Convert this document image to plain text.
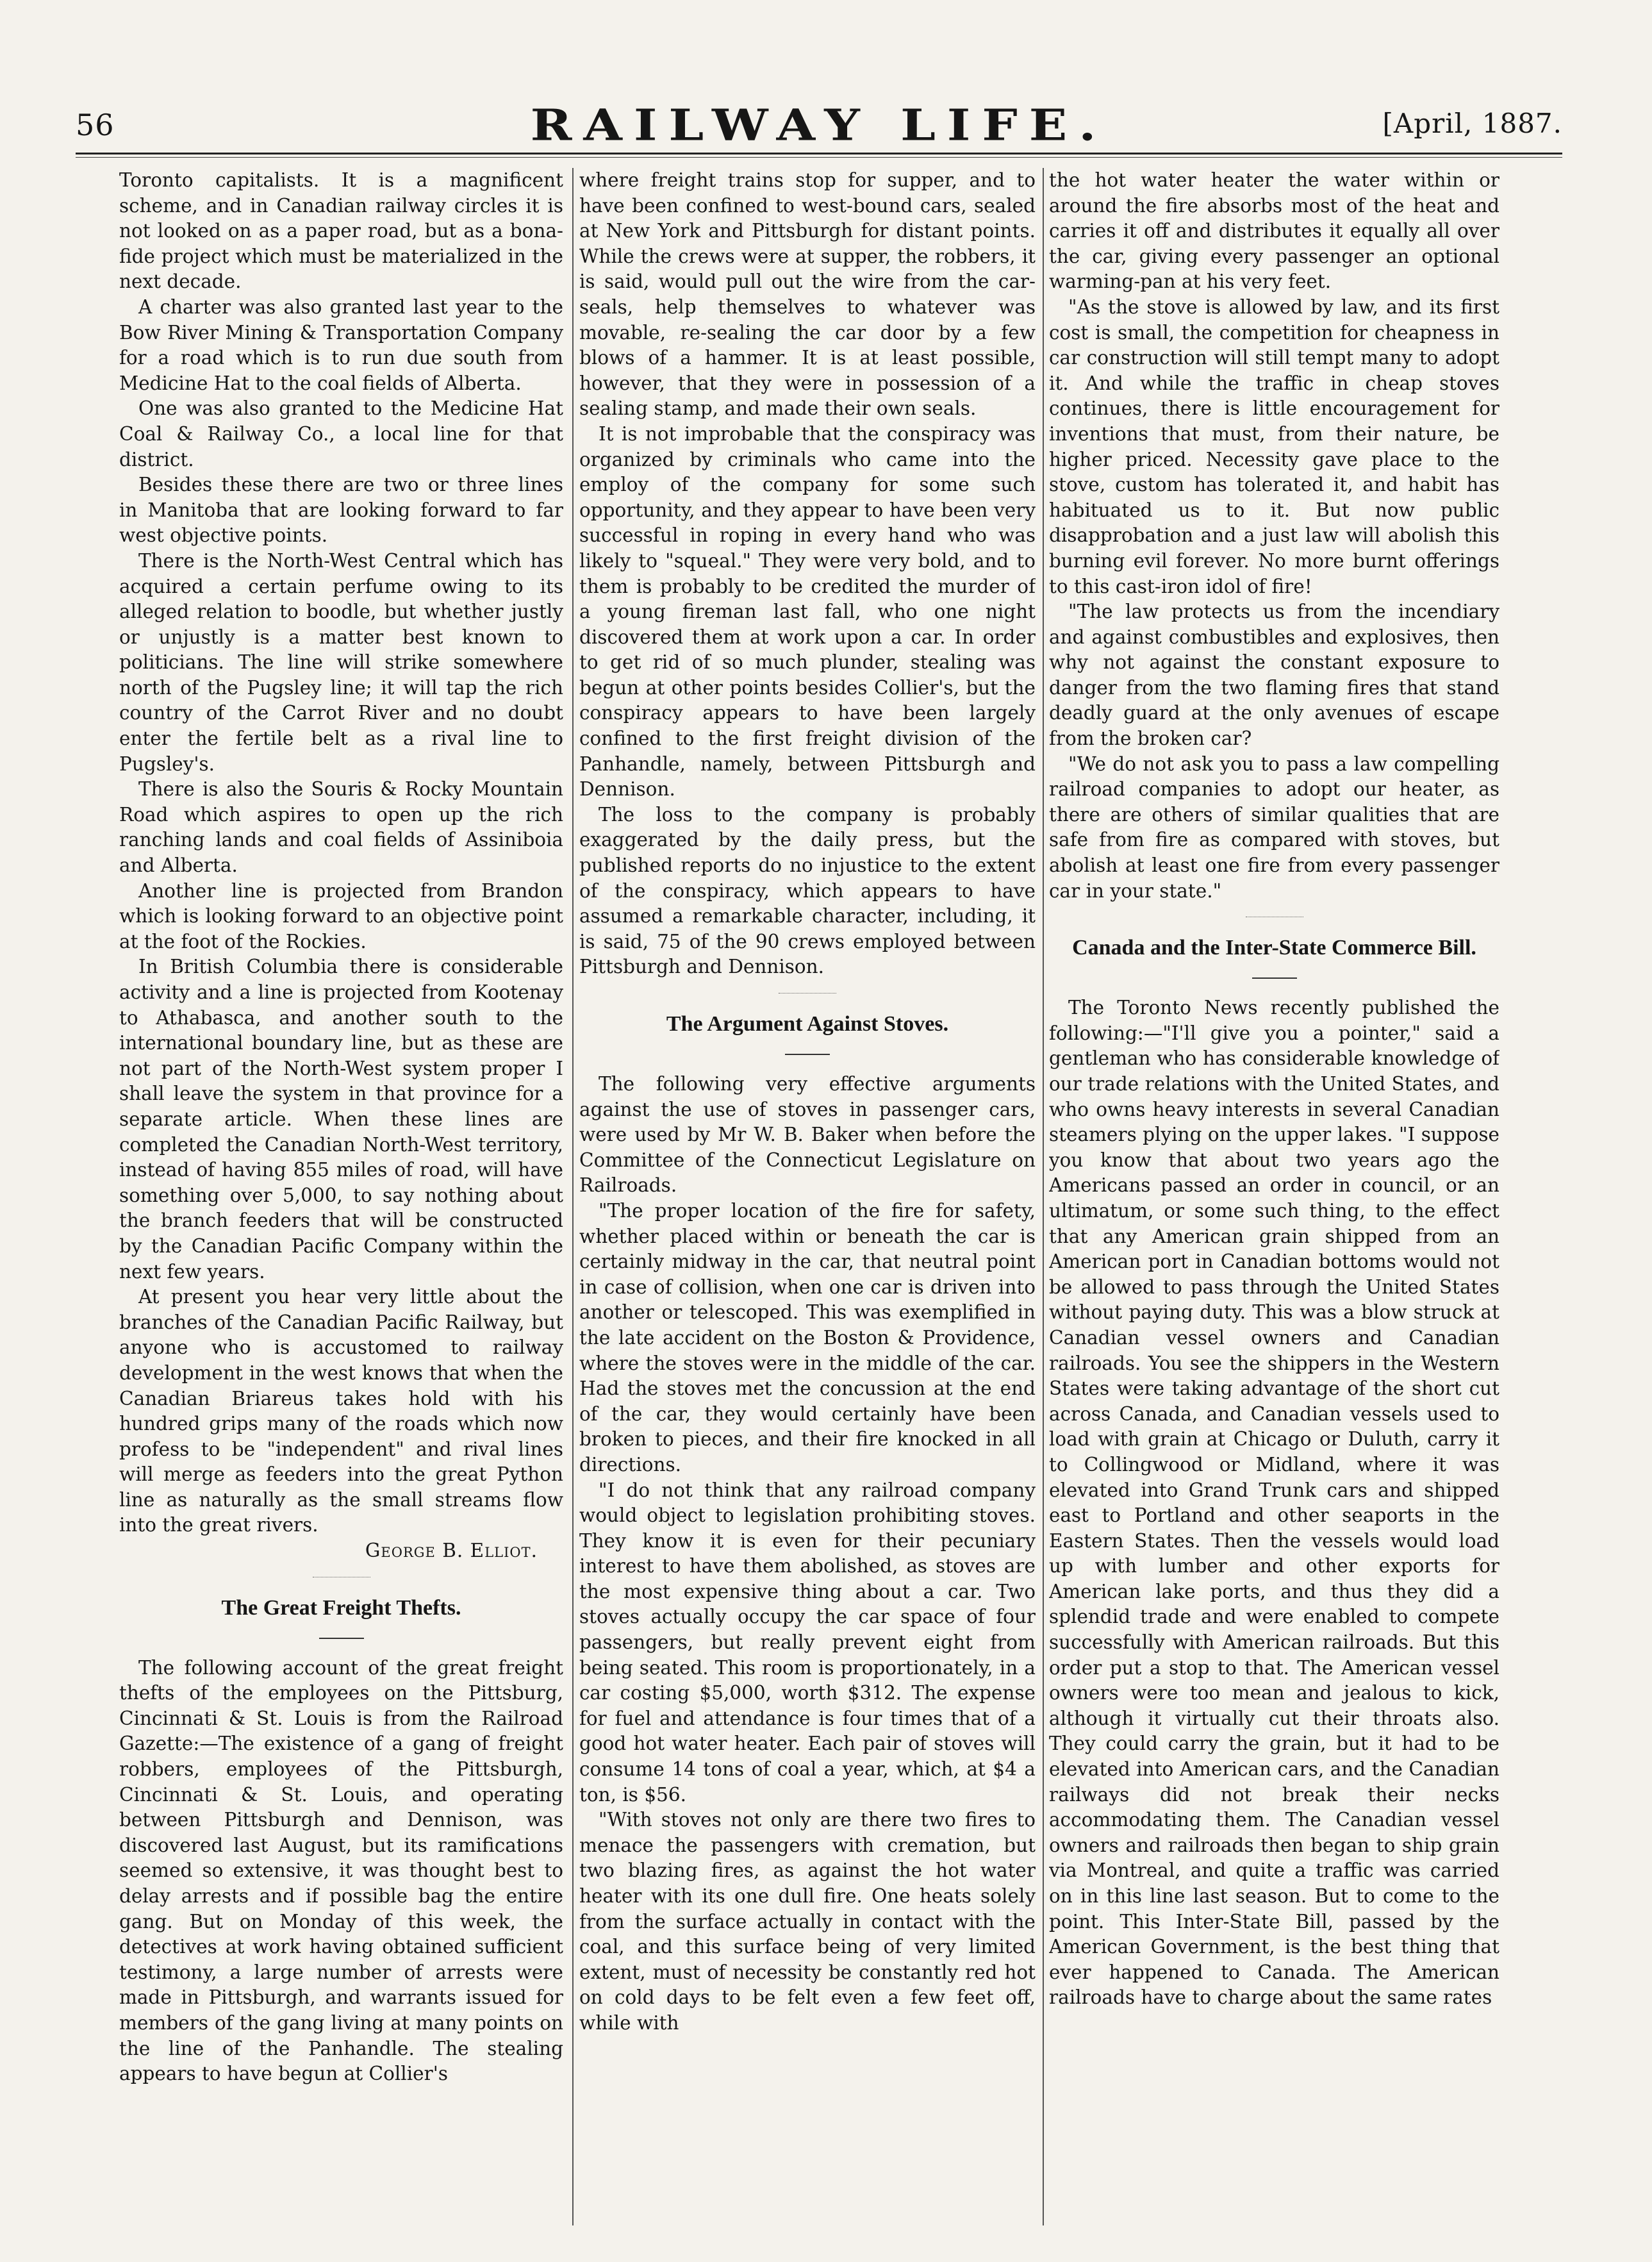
56	RAILWAY LIFE.	[April, 1887.

Toronto capitalists. It is a magnificent scheme, and in Canadian railway circles it is not looked on as a paper road, but as a bona-fide project which must be materialized in the next decade.

A charter was also granted last year to the Bow River Mining & Transportation Company for a road which is to run due south from Medicine Hat to the coal fields of Alberta.

One was also granted to the Medicine Hat Coal & Railway Co., a local line for that district.

Besides these there are two or three lines in Manitoba that are looking forward to far west objective points.

There is the North-West Central which has acquired a certain perfume owing to its alleged relation to boodle, but whether justly or unjustly is a matter best known to politicians. The line will strike somewhere north of the Pugsley line; it will tap the rich country of the Carrot River and no doubt enter the fertile belt as a rival line to Pugsley's.

There is also the Souris & Rocky Mountain Road which aspires to open up the rich ranching lands and coal fields of Assiniboia and Alberta.

Another line is projected from Brandon which is looking forward to an objective point at the foot of the Rockies.

In British Columbia there is considerable activity and a line is projected from Kootenay to Athabasca, and another south to the international boundary line, but as these are not part of the North-West system proper I shall leave the system in that province for a separate article. When these lines are completed the Canadian North-West territory, instead of having 855 miles of road, will have something over 5,000, to say nothing about the branch feeders that will be constructed by the Canadian Pacific Company within the next few years.

At present you hear very little about the branches of the Canadian Pacific Railway, but anyone who is accustomed to railway development in the west knows that when the Canadian Briareus takes hold with his hundred grips many of the roads which now profess to be "independent" and rival lines will merge as feeders into the great Python line as naturally as the small streams flow into the great rivers.

George B. Elliot.
The Great Freight Thefts.

The following account of the great freight thefts of the employees on the Pittsburg, Cincinnati & St. Louis is from the Railroad Gazette:—The existence of a gang of freight robbers, employees of the Pittsburgh, Cincinnati & St. Louis, and operating between Pittsburgh and Dennison, was discovered last August, but its ramifications seemed so extensive, it was thought best to delay arrests and if possible bag the entire gang. But on Monday of this week, the detectives at work having obtained sufficient testimony, a large number of arrests were made in Pittsburgh, and warrants issued for members of the gang living at many points on the line of the Panhandle. The stealing appears to have begun at Collier's

where freight trains stop for supper, and to have been confined to west-bound cars, sealed at New York and Pittsburgh for distant points. While the crews were at supper, the robbers, it is said, would pull out the wire from the car-seals, help themselves to whatever was movable, re-sealing the car door by a few blows of a hammer. It is at least possible, however, that they were in possession of a sealing stamp, and made their own seals.

It is not improbable that the conspiracy was organized by criminals who came into the employ of the company for some such opportunity, and they appear to have been very successful in roping in every hand who was likely to "squeal." They were very bold, and to them is probably to be credited the murder of a young fireman last fall, who one night discovered them at work upon a car. In order to get rid of so much plunder, stealing was begun at other points besides Collier's, but the conspiracy appears to have been largely confined to the first freight division of the Panhandle, namely, between Pittsburgh and Dennison.

The loss to the company is probably exaggerated by the daily press, but the published reports do no injustice to the extent of the conspiracy, which appears to have assumed a remarkable character, including, it is said, 75 of the 90 crews employed between Pittsburgh and Dennison.

The Argument Against Stoves.

The following very effective arguments against the use of stoves in passenger cars, were used by Mr W. B. Baker when before the Committee of the Connecticut Legislature on Railroads.

"The proper location of the fire for safety, whether placed within or beneath the car is certainly midway in the car, that neutral point in case of collision, when one car is driven into another or telescoped. This was exemplified in the late accident on the Boston & Providence, where the stoves were in the middle of the car. Had the stoves met the concussion at the end of the car, they would certainly have been broken to pieces, and their fire knocked in all directions.

"I do not think that any railroad company would object to legislation prohibiting stoves. They know it is even for their pecuniary interest to have them abolished, as stoves are the most expensive thing about a car. Two stoves actually occupy the car space of four passengers, but really prevent eight from being seated. This room is proportionately, in a car costing $5,000, worth $312. The expense for fuel and attendance is four times that of a good hot water heater. Each pair of stoves will consume 14 tons of coal a year, which, at $4 a ton, is $56.

"With stoves not only are there two fires to menace the passengers with cremation, but two blazing fires, as against the hot water heater with its one dull fire. One heats solely from the surface actually in contact with the coal, and this surface being of very limited extent, must of necessity be constantly red hot on cold days to be felt even a few feet off, while with

the hot water heater the water within or around the fire absorbs most of the heat and carries it off and distributes it equally all over the car, giving every passenger an optional warming-pan at his very feet.

"As the stove is allowed by law, and its first cost is small, the competition for cheapness in car construction will still tempt many to adopt it. And while the traffic in cheap stoves continues, there is little encouragement for inventions that must, from their nature, be higher priced. Necessity gave place to the stove, custom has tolerated it, and habit has habituated us to it. But now public disapprobation and a just law will abolish this burning evil forever. No more burnt offerings to this cast-iron idol of fire!

"The law protects us from the incendiary and against combustibles and explosives, then why not against the constant exposure to danger from the two flaming fires that stand deadly guard at the only avenues of escape from the broken car?

"We do not ask you to pass a law compelling railroad companies to adopt our heater, as there are others of similar qualities that are safe from fire as compared with stoves, but abolish at least one fire from every passenger car in your state."

Canada and the Inter-State Commerce Bill.

The Toronto News recently published the following:—"I'll give you a pointer," said a gentleman who has considerable knowledge of our trade relations with the United States, and who owns heavy interests in several Canadian steamers plying on the upper lakes. "I suppose you know that about two years ago the Americans passed an order in council, or an ultimatum, or some such thing, to the effect that any American grain shipped from an American port in Canadian bottoms would not be allowed to pass through the United States without paying duty. This was a blow struck at Canadian vessel owners and Canadian railroads. You see the shippers in the Western States were taking advantage of the short cut across Canada, and Canadian vessels used to load with grain at Chicago or Duluth, carry it to Collingwood or Midland, where it was elevated into Grand Trunk cars and shipped east to Portland and other seaports in the Eastern States. Then the vessels would load up with lumber and other exports for American lake ports, and thus they did a splendid trade and were enabled to compete successfully with American railroads. But this order put a stop to that. The American vessel owners were too mean and jealous to kick, although it virtually cut their throats also. They could carry the grain, but it had to be elevated into American cars, and the Canadian railways did not break their necks accommodating them. The Canadian vessel owners and railroads then began to ship grain via Montreal, and quite a traffic was carried on in this line last season. But to come to the point. This Inter-State Bill, passed by the American Government, is the best thing that ever happened to Canada. The American railroads have to charge about the same rates
